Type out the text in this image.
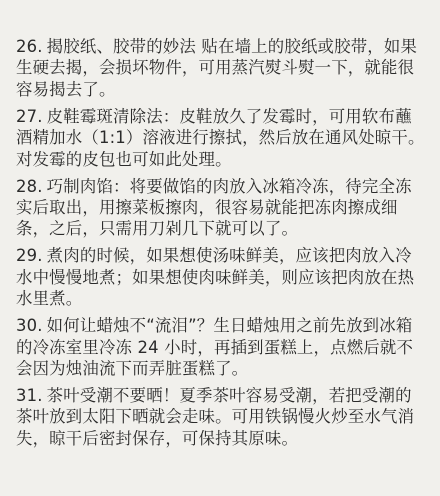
26. 揭胶纸、胶带的妙法 贴在墙上的胶纸或胶带，如果生硬去揭，会损坏物件，可用蒸汽熨斗熨一下，就能很容易揭去了。

27. 皮鞋霉斑清除法：皮鞋放久了发霉时，可用软布蘸酒精加水（1:1）溶液进行擦拭，然后放在通风处晾干。对发霉的皮包也可如此处理。

28. 巧制肉馅：将要做馅的肉放入冰箱冷冻，待完全冻实后取出，用擦菜板擦肉，很容易就能把冻肉擦成细条，之后，只需用刀剁几下就可以了。

29. 煮肉的时候，如果想使汤味鲜美，应该把肉放入冷水中慢慢地煮；如果想使肉味鲜美，则应该把肉放在热水里煮。

30. 如何让蜡烛不“流泪”？生日蜡烛用之前先放到冰箱的冷冻室里冷冻 24 小时，再插到蛋糕上，点燃后就不会因为烛油流下而弄脏蛋糕了。

31. 茶叶受潮不要晒！夏季茶叶容易受潮，若把受潮的茶叶放到太阳下晒就会走味。可用铁锅慢火炒至水气消失，晾干后密封保存，可保持其原味。
